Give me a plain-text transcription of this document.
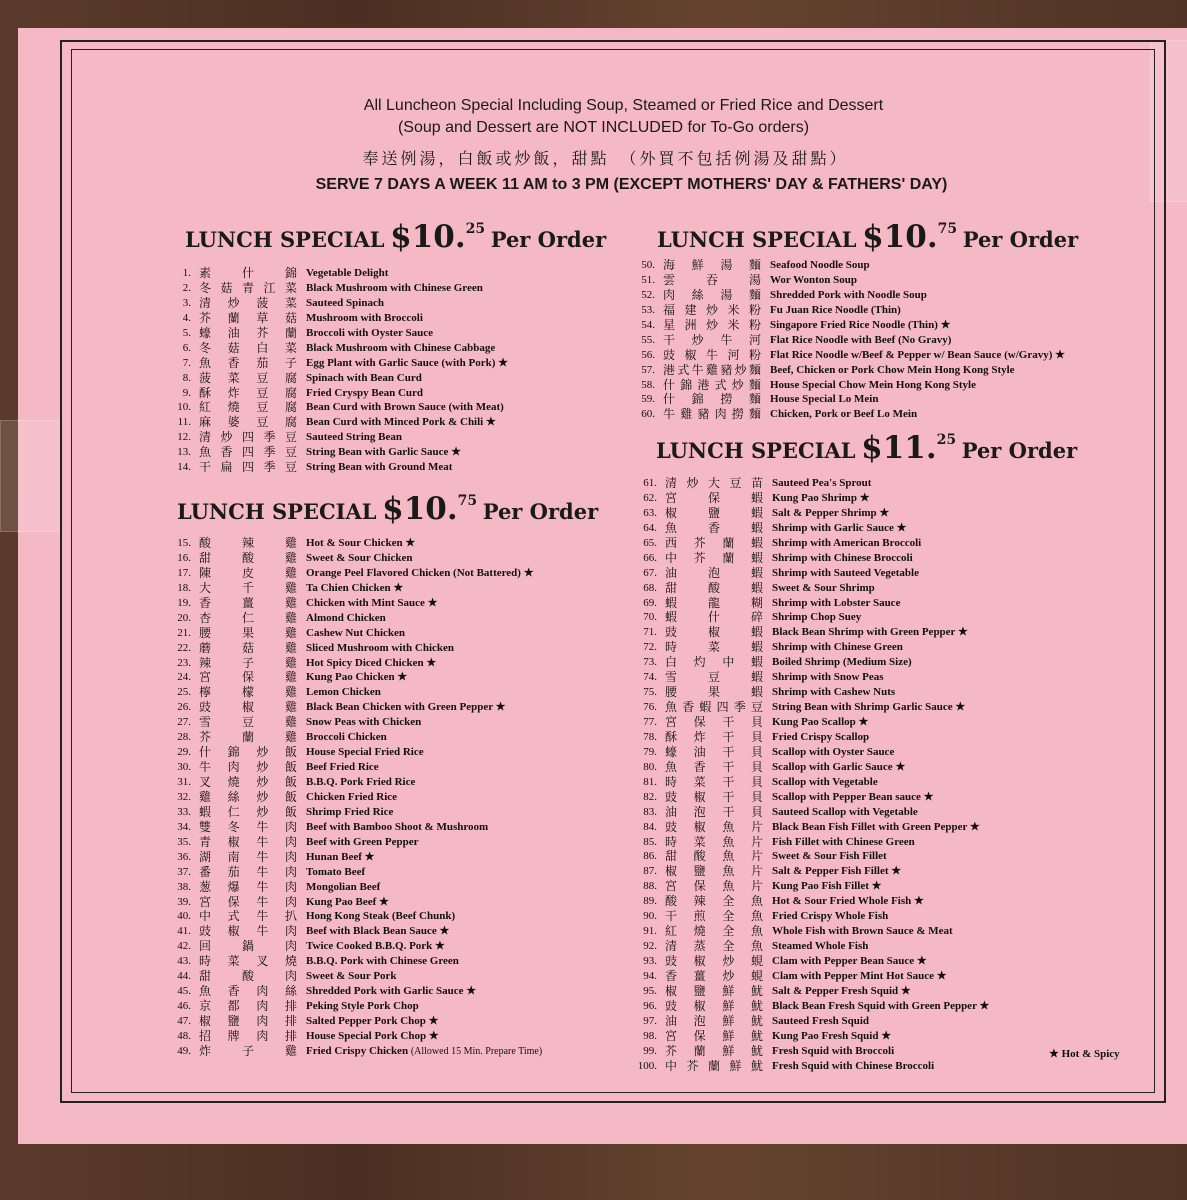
All Luncheon Special Including Soup, Steamed or Fried Rice and Dessert
(Soup and Dessert are NOT INCLUDED for To-Go orders)
奉送例湯，白飯或炒飯，甜點　（外買不包括例湯及甜點）
SERVE 7 DAYS A WEEK 11 AM to 3 PM (EXCEPT MOTHERS' DAY & FATHERS' DAY)
LUNCH SPECIAL $10.25 Per Order
LUNCH SPECIAL $10.75 Per Order
LUNCH SPECIAL $10.75 Per Order
LUNCH SPECIAL $11.25 Per Order
1. 素什錦 Vegetable Delight
2. 冬菇青江菜 Black Mushroom with Chinese Green
3. 清炒菠菜 Sauteed Spinach
4. 芥蘭草菇 Mushroom with Broccoli
5. 蠔油芥蘭 Broccoli with Oyster Sauce
6. 冬菇白菜 Black Mushroom with Chinese Cabbage
7. 魚香茄子 Egg Plant with Garlic Sauce (with Pork) ★
8. 菠菜豆腐 Spinach with Bean Curd
9. 酥炸豆腐 Fried Cryspy Bean Curd
10. 紅燒豆腐 Bean Curd with Brown Sauce (with Meat)
11. 麻婆豆腐 Bean Curd with Minced Pork & Chili ★
12. 清炒四季豆 Sauteed String Bean
13. 魚香四季豆 String Bean with Garlic Sauce ★
14. 干扁四季豆 String Bean with Ground Meat
15. 酸辣雞 Hot & Sour Chicken ★
16. 甜酸雞 Sweet & Sour Chicken
17. 陳皮雞 Orange Peel Flavored Chicken (Not Battered) ★
18. 大千雞 Ta Chien Chicken ★
19. 香薑雞 Chicken with Mint Sauce ★
20. 杏仁雞 Almond Chicken
21. 腰果雞 Cashew Nut Chicken
22. 蘑菇雞 Sliced Mushroom with Chicken
23. 辣子雞 Hot Spicy Diced Chicken ★
24. 宮保雞 Kung Pao Chicken ★
25. 檸檬雞 Lemon Chicken
26. 豉椒雞 Black Bean Chicken with Green Pepper ★
27. 雪豆雞 Snow Peas with Chicken
28. 芥蘭雞 Broccoli Chicken
29. 什錦炒飯 House Special Fried Rice
30. 牛肉炒飯 Beef Fried Rice
31. 叉燒炒飯 B.B.Q. Pork Fried Rice
32. 雞絲炒飯 Chicken Fried Rice
33. 蝦仁炒飯 Shrimp Fried Rice
34. 雙冬牛肉 Beef with Bamboo Shoot & Mushroom
35. 青椒牛肉 Beef with Green Pepper
36. 湖南牛肉 Hunan Beef ★
37. 番茄牛肉 Tomato Beef
38. 葱爆牛肉 Mongolian Beef
39. 宮保牛肉 Kung Pao Beef ★
40. 中式牛扒 Hong Kong Steak (Beef Chunk)
41. 豉椒牛肉 Beef with Black Bean Sauce ★
42. 回鍋肉 Twice Cooked B.B.Q. Pork ★
43. 時菜叉燒 B.B.Q. Pork with Chinese Green
44. 甜酸肉 Sweet & Sour Pork
45. 魚香肉絲 Shredded Pork with Garlic Sauce ★
46. 京都肉排 Peking Style Pork Chop
47. 椒鹽肉排 Salted Pepper Pork Chop ★
48. 招牌肉排 House Special Pork Chop ★
49. 炸子雞 Fried Crispy Chicken (Allowed 15 Min. Prepare Time)
50. 海鮮湯麵 Seafood Noodle Soup
51. 雲吞湯 Wor Wonton Soup
52. 肉絲湯麵 Shredded Pork with Noodle Soup
53. 福建炒米粉 Fu Juan Rice Noodle (Thin)
54. 星洲炒米粉 Singapore Fried Rice Noodle (Thin) ★
55. 干炒牛河 Flat Rice Noodle with Beef (No Gravy)
56. 豉椒牛河粉 Flat Rice Noodle w/Beef & Pepper w/ Bean Sauce (w/Gravy) ★
57. 港式牛雞豬炒麵 Beef, Chicken or Pork Chow Mein Hong Kong Style
58. 什錦港式炒麵 House Special Chow Mein Hong Kong Style
59. 什錦撈麵 House Special Lo Mein
60. 牛雞豬肉撈麵 Chicken, Pork or Beef Lo Mein
61. 清炒大豆苗 Sauteed Pea's Sprout
62. 宮保蝦 Kung Pao Shrimp ★
63. 椒鹽蝦 Salt & Pepper Shrimp ★
64. 魚香蝦 Shrimp with Garlic Sauce ★
65. 西芥蘭蝦 Shrimp with American Broccoli
66. 中芥蘭蝦 Shrimp with Chinese Broccoli
67. 油泡蝦 Shrimp with Sauteed Vegetable
68. 甜酸蝦 Sweet & Sour Shrimp
69. 蝦龍糊 Shrimp with Lobster Sauce
70. 蝦什碎 Shrimp Chop Suey
71. 豉椒蝦 Black Bean Shrimp with Green Pepper ★
72. 時菜蝦 Shrimp with Chinese Green
73. 白灼中蝦 Boiled Shrimp (Medium Size)
74. 雪豆蝦 Shrimp with Snow Peas
75. 腰果蝦 Shrimp with Cashew Nuts
76. 魚香蝦四季豆 String Bean with Shrimp Garlic Sauce ★
77. 宮保干貝 Kung Pao Scallop ★
78. 酥炸干貝 Fried Crispy Scallop
79. 蠔油干貝 Scallop with Oyster Sauce
80. 魚香干貝 Scallop with Garlic Sauce ★
81. 時菜干貝 Scallop with Vegetable
82. 豉椒干貝 Scallop with Pepper Bean sauce ★
83. 油泡干貝 Sauteed Scallop with Vegetable
84. 豉椒魚片 Black Bean Fish Fillet with Green Pepper ★
85. 時菜魚片 Fish Fillet with Chinese Green
86. 甜酸魚片 Sweet & Sour Fish Fillet
87. 椒鹽魚片 Salt & Pepper Fish Fillet ★
88. 宮保魚片 Kung Pao Fish Fillet ★
89. 酸辣全魚 Hot & Sour Fried Whole Fish ★
90. 干煎全魚 Fried Crispy Whole Fish
91. 紅燒全魚 Whole Fish with Brown Sauce & Meat
92. 清蒸全魚 Steamed Whole Fish
93. 豉椒炒蜆 Clam with Pepper Bean Sauce ★
94. 香薑炒蜆 Clam with Pepper Mint Hot Sauce ★
95. 椒鹽鮮魷 Salt & Pepper Fresh Squid ★
96. 豉椒鮮魷 Black Bean Fresh Squid with Green Pepper ★
97. 油泡鮮魷 Sauteed Fresh Squid
98. 宮保鮮魷 Kung Pao Fresh Squid ★
99. 芥蘭鮮魷 Fresh Squid with Broccoli
100. 中芥蘭鮮魷 Fresh Squid with Chinese Broccoli
★ Hot & Spicy
